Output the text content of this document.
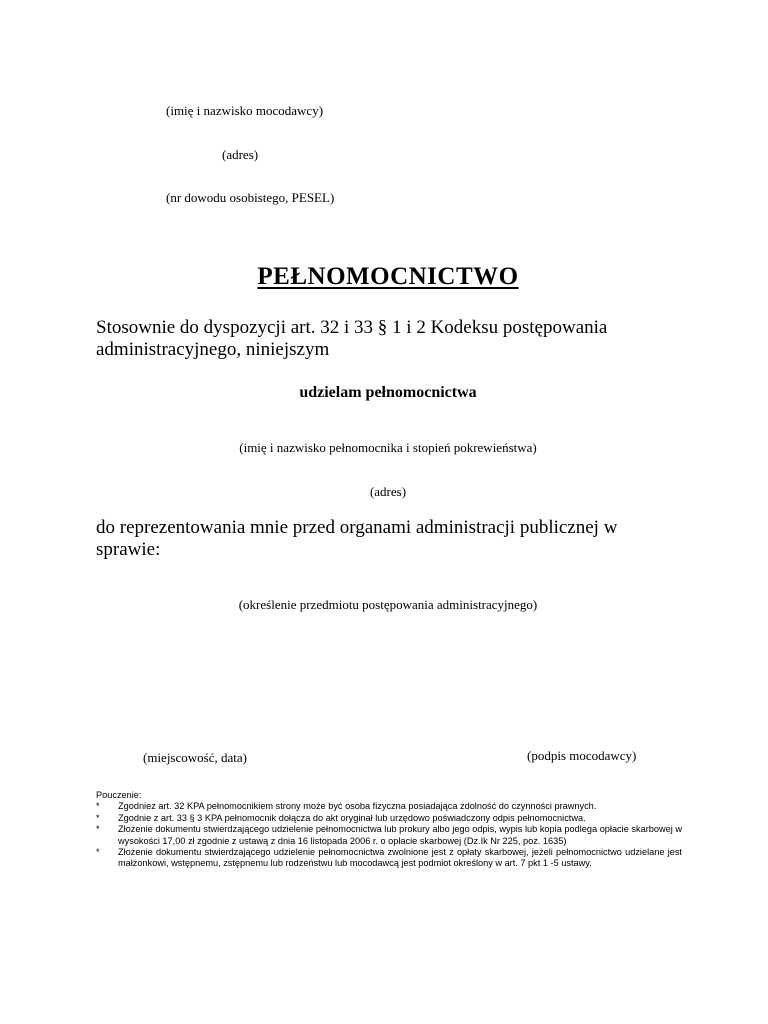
(imię i nazwisko mocodawcy)
(adres)
(nr dowodu osobistego, PESEL)
PEŁNOMOCNICTWO
Stosownie do dyspozycji art. 32 i 33 § 1 i 2 Kodeksu postępowania administracyjnego, niniejszym
udzielam pełnomocnictwa
(imię i nazwisko pełnomocnika i stopień pokrewieństwa)
(adres)
do reprezentowania mnie przed organami administracji publicznej w sprawie:
(określenie przedmiotu postępowania administracyjnego)
(miejscowość, data)	(podpis mocodawcy)
Pouczenie:
* Zgodniez art. 32 KPA pełnomocnikiem strony może być osoba fizyczna posiadająca zdolność do czynności prawnych.
* Zgodnie z art. 33 § 3 KPA pełnomocnik dołącza do akt oryginał lub urzędowo poświadczony odpis pełnomocnictwa.
* Złożenie dokumentu stwierdzającego udzielenie pełnomocnictwa lub prokury albo jego odpis, wypis lub kopia podlega opłacie skarbowej w wysokości 17,00 zł zgodnie z ustawą z dnia 16 listopada 2006 r. o opłacie skarbowej (Dz.Ik Nr 225, poz. 1635)
* Złożenie dokumentu stwierdzającego udzielenie pełnomocnictwa zwolnione jest z opłaty skarbowej, jeżeli pełnomocnictwo udzielane jest małżonkowi, wstępnemu, zstępnemu lub rodzeństwu lub mocodawcą jest podmiot określony w art. 7 pkt 1 -5 ustawy.
